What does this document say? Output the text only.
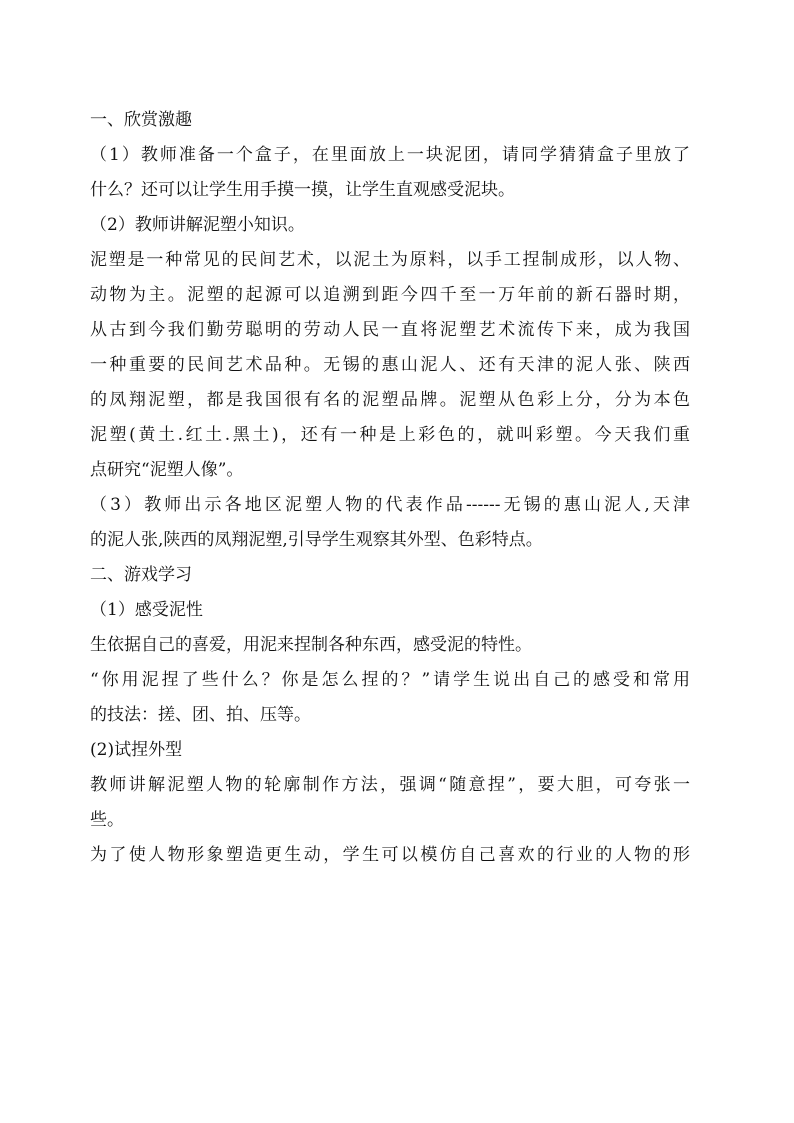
一、欣赏激趣
（1）教师准备一个盒子，在里面放上一块泥团，请同学猜猜盒子里放了
什么？还可以让学生用手摸一摸，让学生直观感受泥块。
（2）教师讲解泥塑小知识。
泥塑是一种常见的民间艺术，以泥土为原料，以手工捏制成形，以人物、
动物为主。泥塑的起源可以追溯到距今四千至一万年前的新石器时期，
从古到今我们勤劳聪明的劳动人民一直将泥塑艺术流传下来，成为我国
一种重要的民间艺术品种。无锡的惠山泥人、还有天津的泥人张、陕西
的凤翔泥塑，都是我国很有名的泥塑品牌。泥塑从色彩上分，分为本色
泥塑(黄土.红土.黑土)，还有一种是上彩色的，就叫彩塑。今天我们重
点研究“泥塑人像”。
（3）教师出示各地区泥塑人物的代表作品------无锡的惠山泥人,天津
的泥人张,陕西的凤翔泥塑,引导学生观察其外型、色彩特点。
二、游戏学习
（1）感受泥性
生依据自己的喜爱，用泥来捏制各种东西，感受泥的特性。
“你用泥捏了些什么？你是怎么捏的？”请学生说出自己的感受和常用
的技法：搓、团、拍、压等。
(2)试捏外型
教师讲解泥塑人物的轮廓制作方法，强调“随意捏”，要大胆，可夸张一
些。
为了使人物形象塑造更生动，学生可以模仿自己喜欢的行业的人物的形
